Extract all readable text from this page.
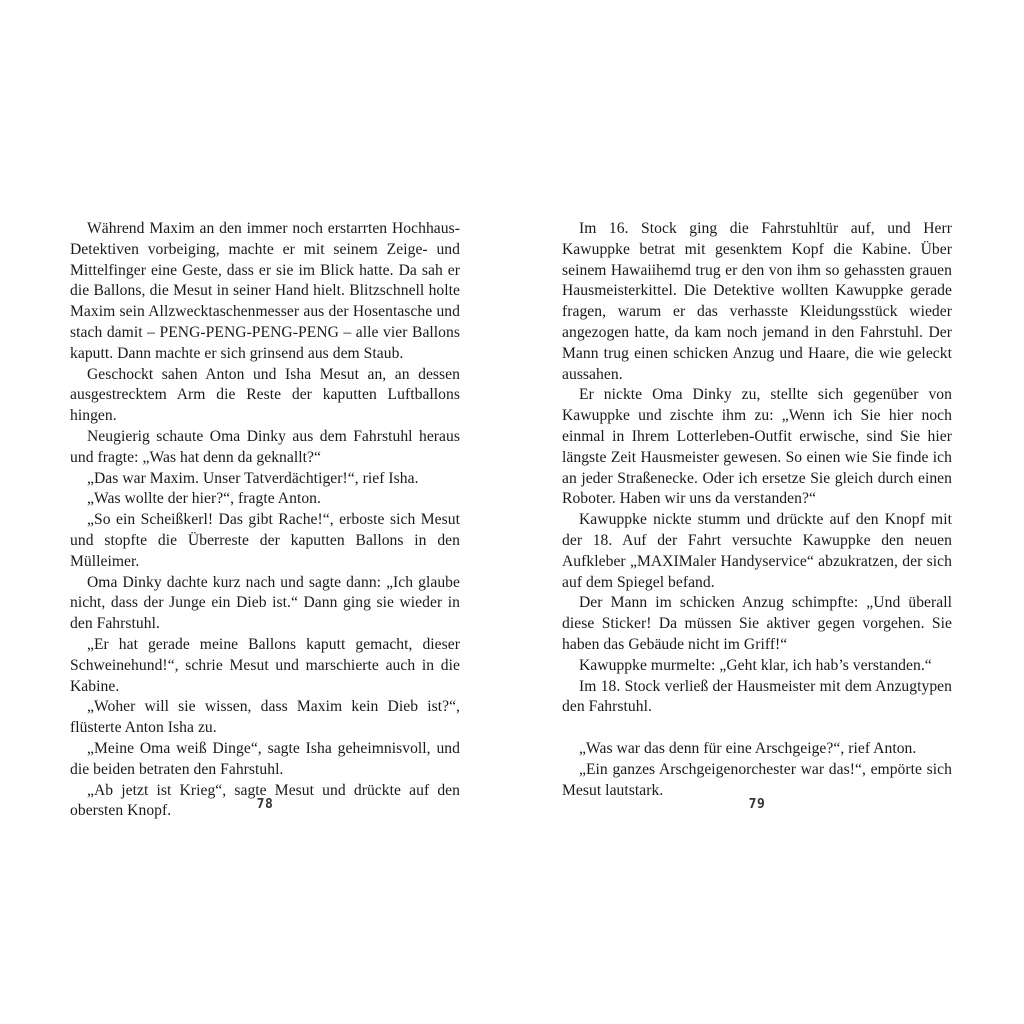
Während Maxim an den immer noch erstarrten Hochhaus-Detektiven vorbeiging, machte er mit seinem Zeige- und Mittelfinger eine Geste, dass er sie im Blick hatte. Da sah er die Ballons, die Mesut in seiner Hand hielt. Blitzschnell holte Maxim sein Allzwecktaschenmesser aus der Hosentasche und stach damit – PENG-PENG-PENG-PENG – alle vier Ballons kaputt. Dann machte er sich grinsend aus dem Staub.

Geschockt sahen Anton und Isha Mesut an, an dessen ausgestrecktem Arm die Reste der kaputten Luftballons hingen.

Neugierig schaute Oma Dinky aus dem Fahrstuhl heraus und fragte: „Was hat denn da geknallt?“

„Das war Maxim. Unser Tatverdächtiger!“, rief Isha.

„Was wollte der hier?“, fragte Anton.

„So ein Scheißkerl! Das gibt Rache!“, erboste sich Mesut und stopfte die Überreste der kaputten Ballons in den Mülleimer.

Oma Dinky dachte kurz nach und sagte dann: „Ich glaube nicht, dass der Junge ein Dieb ist.“ Dann ging sie wieder in den Fahrstuhl.

„Er hat gerade meine Ballons kaputt gemacht, dieser Schweinehund!“, schrie Mesut und marschierte auch in die Kabine.

„Woher will sie wissen, dass Maxim kein Dieb ist?“, flüsterte Anton Isha zu.

„Meine Oma weiß Dinge“, sagte Isha geheimnisvoll, und die beiden betraten den Fahrstuhl.

„Ab jetzt ist Krieg“, sagte Mesut und drückte auf den obersten Knopf.	78

Im 16. Stock ging die Fahrstuhltür auf, und Herr Kawuppke betrat mit gesenktem Kopf die Kabine. Über seinem Hawaiihemd trug er den von ihm so gehassten grauen Hausmeisterkittel. Die Detektive wollten Kawuppke gerade fragen, warum er das verhasste Kleidungsstück wieder angezogen hatte, da kam noch jemand in den Fahrstuhl. Der Mann trug einen schicken Anzug und Haare, die wie geleckt aussahen.

Er nickte Oma Dinky zu, stellte sich gegenüber von Kawuppke und zischte ihm zu: „Wenn ich Sie hier noch einmal in Ihrem Lotterleben-Outfit erwische, sind Sie hier längste Zeit Hausmeister gewesen. So einen wie Sie finde ich an jeder Straßenecke. Oder ich ersetze Sie gleich durch einen Roboter. Haben wir uns da verstanden?“

Kawuppke nickte stumm und drückte auf den Knopf mit der 18. Auf der Fahrt versuchte Kawuppke den neuen Aufkleber „MAXIMaler Handyservice“ abzukratzen, der sich auf dem Spiegel befand.

Der Mann im schicken Anzug schimpfte: „Und überall diese Sticker! Da müssen Sie aktiver gegen vorgehen. Sie haben das Gebäude nicht im Griff!“

Kawuppke murmelte: „Geht klar, ich hab’s verstanden.“

Im 18. Stock verließ der Hausmeister mit dem Anzugtypen den Fahrstuhl.

„Was war das denn für eine Arschgeige?“, rief Anton.

„Ein ganzes Arschgeigenorchester war das!“, empörte sich Mesut lautstark.

79
